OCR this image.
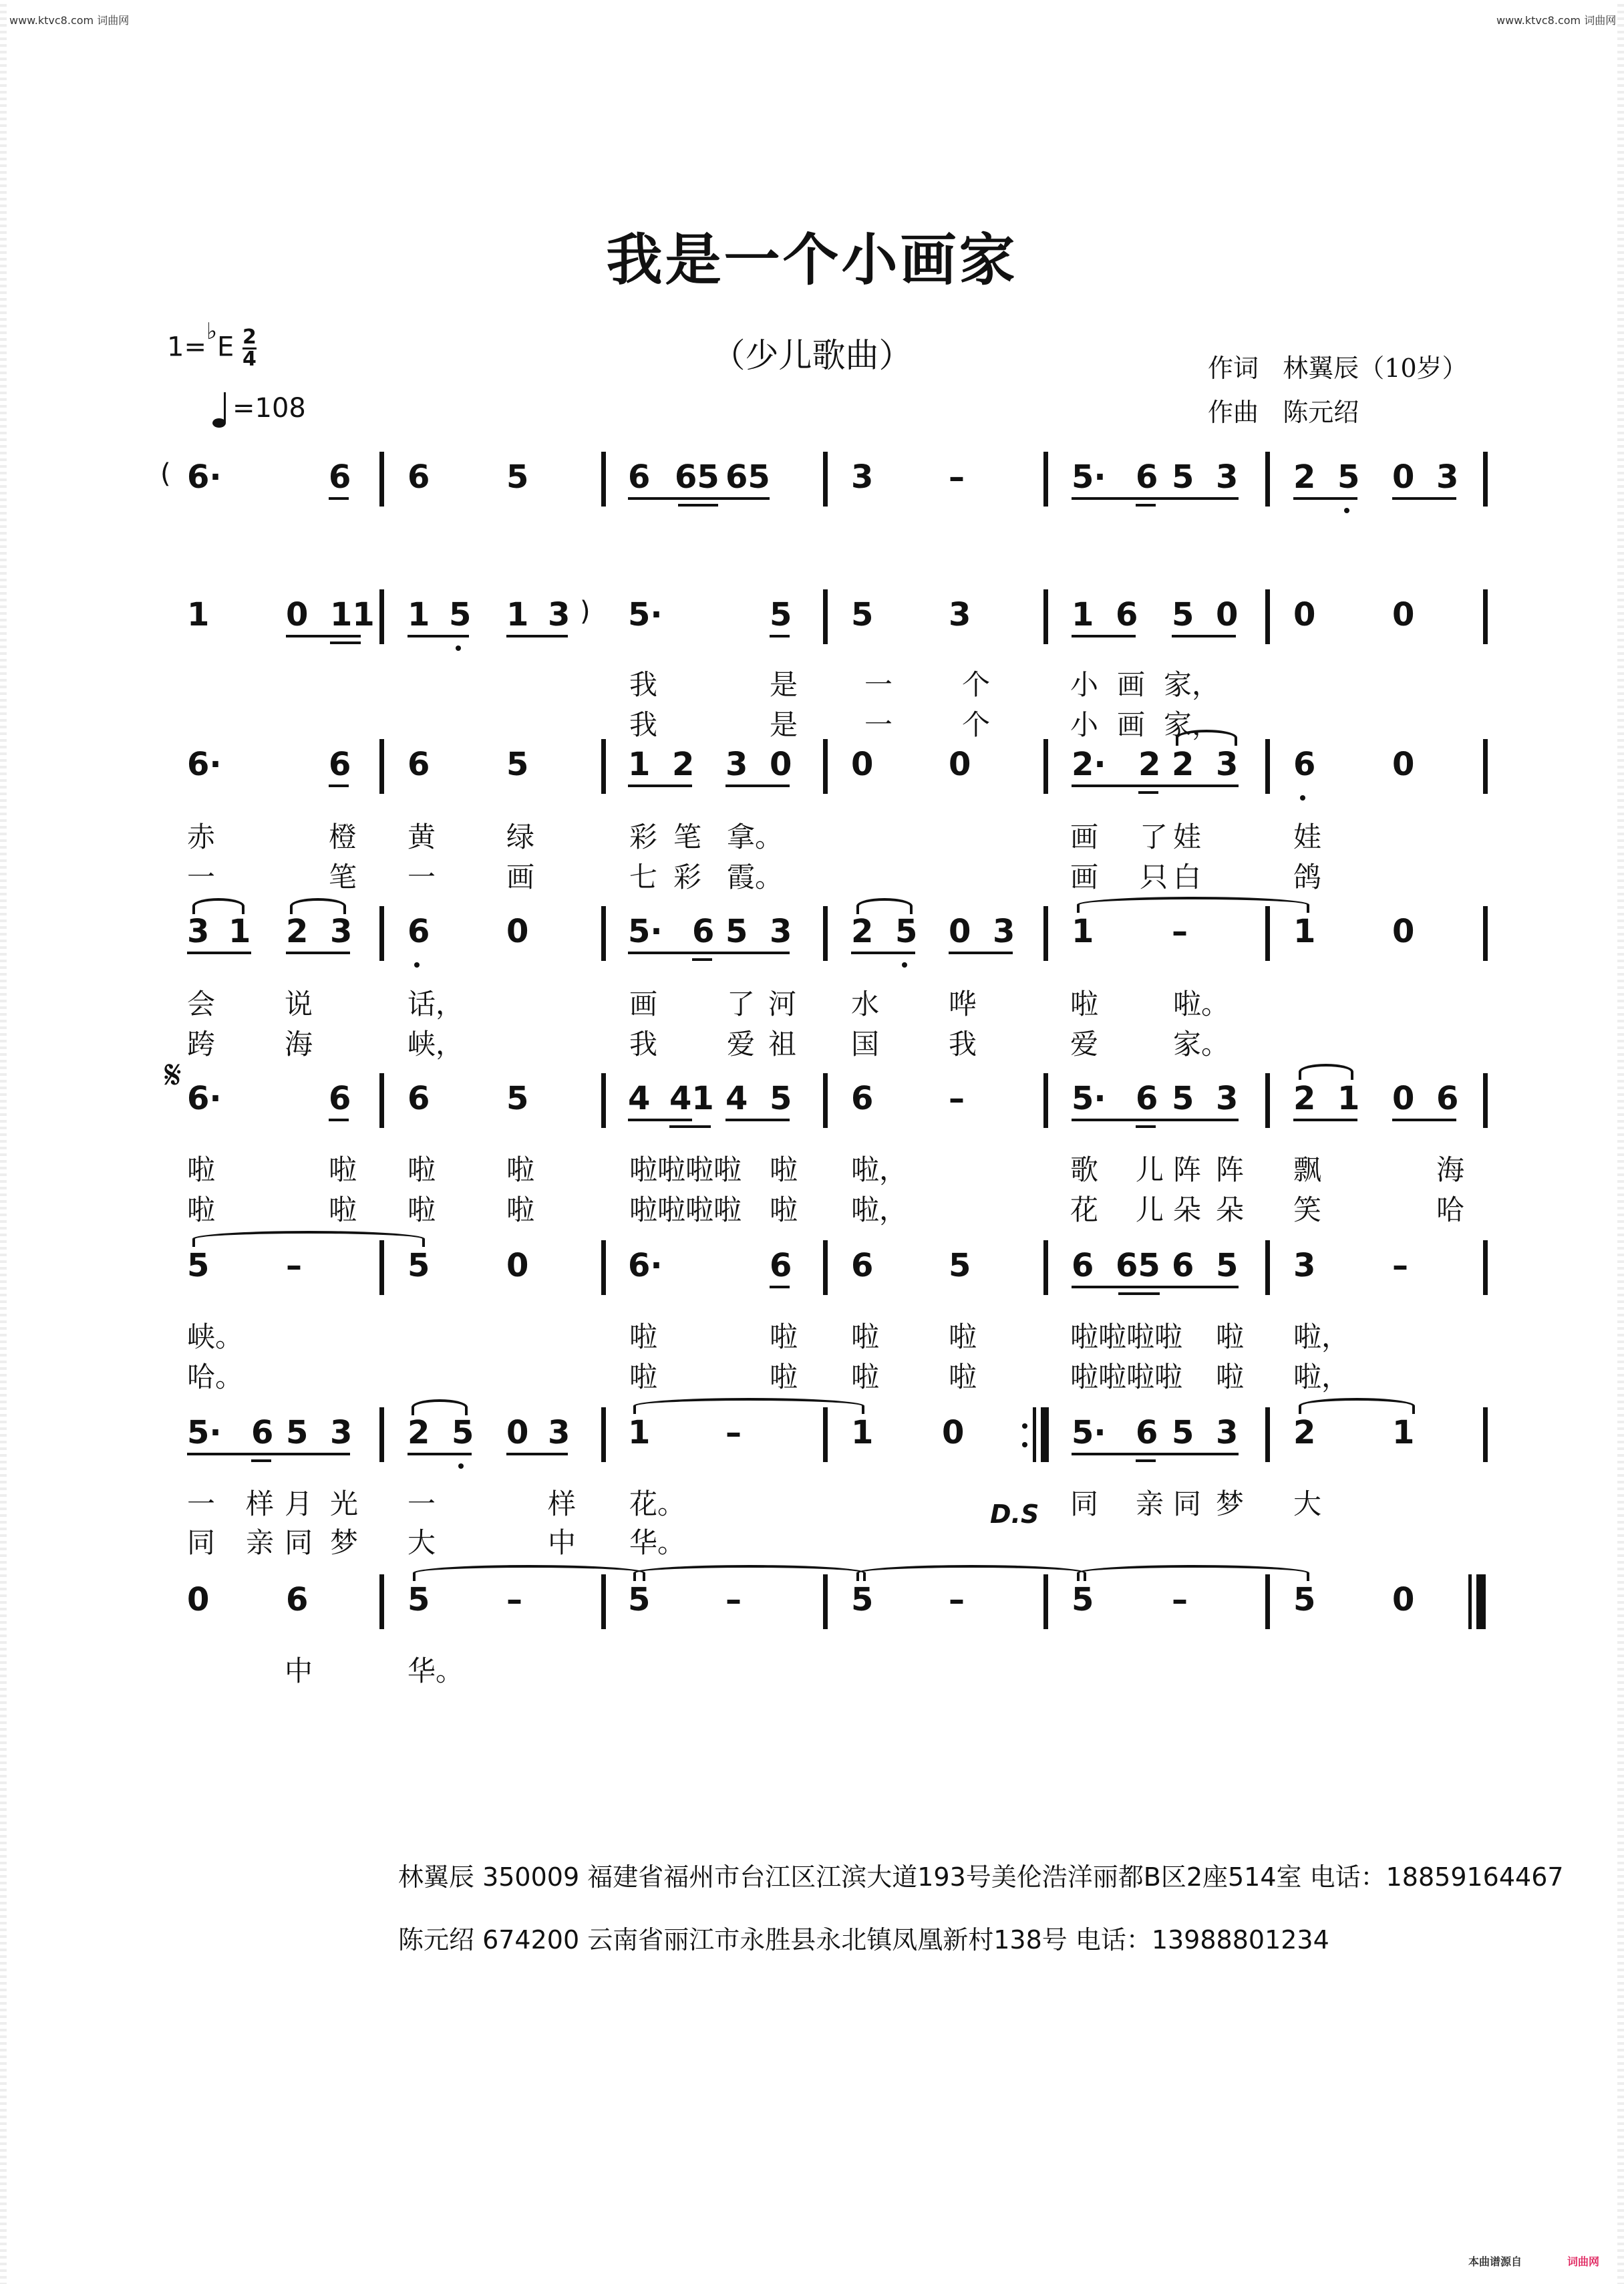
www.ktvc8.com 词曲网	www.ktvc8.com 词曲网
我是一个小画家
（少儿歌曲）	作词 林翼辰（10岁）
作曲 陈元绍
$1=^♭E \frac{2}{4}$
=108
( 6·	6 6 5	6 65 65	3 –	5· 6 5 3 2 5 0 3
1 0 11 1 5 1 3 ) 5·	5 5 3	1 6 5 0 0 0
我	是 一 个	小 画 家，
我	是 一 个	小 画 家，
6·	6 6 5	1 2 3 0 0 0	2· 2 2 3 6 0
赤	橙 黄	绿	彩 笔 拿。	画 了 娃	娃
一	笔 一	画	七 彩 霞。	画 只 白	鸽
3 1 2 3 6 0	5· 6 5 3 2 5 0 3 1 –	1 0
会 说	话，	画 了 河 水 哗	啦	啦。
跨 海	峡，	我 爱 祖 国 我	爱	家。
𝄋 6·	6 6 5	4 41 4 5 6 –	5· 6 5 3 2 1 0 6
啦	啦 啦	啦	啦啦啦啦 啦 啦，	歌 儿 阵 阵 飘	海
啦	啦 啦	啦	啦啦啦啦 啦 啦，	花 儿 朵 朵 笑	哈
5 –	5 0	6·	6 6 5	6 65 6 5 3 –
峡。	啦	啦 啦 啦	啦啦啦啦 啦 啦，
哈。	啦	啦 啦 啦	啦啦啦啦 啦 啦，
5· 6 5 3 2 5 0 3 1 –	1 0	5· 6 5 3 2 1
一 样 月 光 一	样 花。	同 亲 同 梦 大
D.S
同 亲 同 梦 大	中 华。
0 6	5 –	5 –	5 –	5 –	5 0
中	华。
林翼辰 350009 福建省福州市台江区江滨大道193号美伦浩洋丽都B区2座514室 电话：18859164467
陈元绍 674200 云南省丽江市永胜县永北镇凤凰新村138号 电话：13988801234
本曲谱源自	词曲网
